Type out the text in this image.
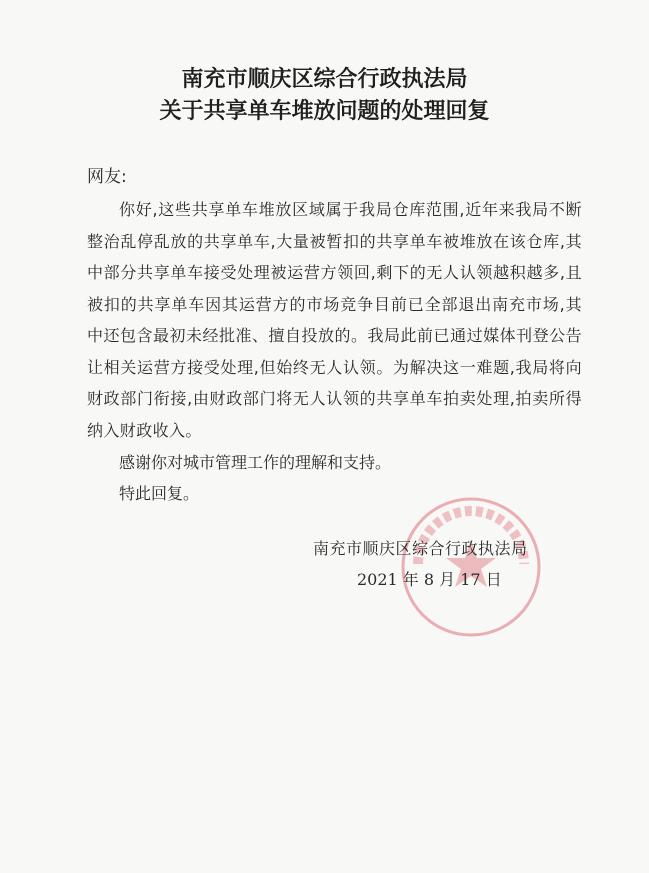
南充市顺庆区综合行政执法局
关于共享单车堆放问题的处理回复
网友:
你好,这些共享单车堆放区域属于我局仓库范围,近年来我局不断整治乱停乱放的共享单车,大量被暂扣的共享单车被堆放在该仓库,其中部分共享单车接受处理被运营方领回,剩下的无人认领越积越多,且被扣的共享单车因其运营方的市场竞争目前已全部退出南充市场,其中还包含最初未经批准、擅自投放的。我局此前已通过媒体刊登公告让相关运营方接受处理,但始终无人认领。为解决这一难题,我局将向财政部门衔接,由财政部门将无人认领的共享单车拍卖处理,拍卖所得纳入财政收入。
感谢你对城市管理工作的理解和支持。
特此回复。
南充市顺庆区综合行政执法局
2021 年 8 月 17 日
